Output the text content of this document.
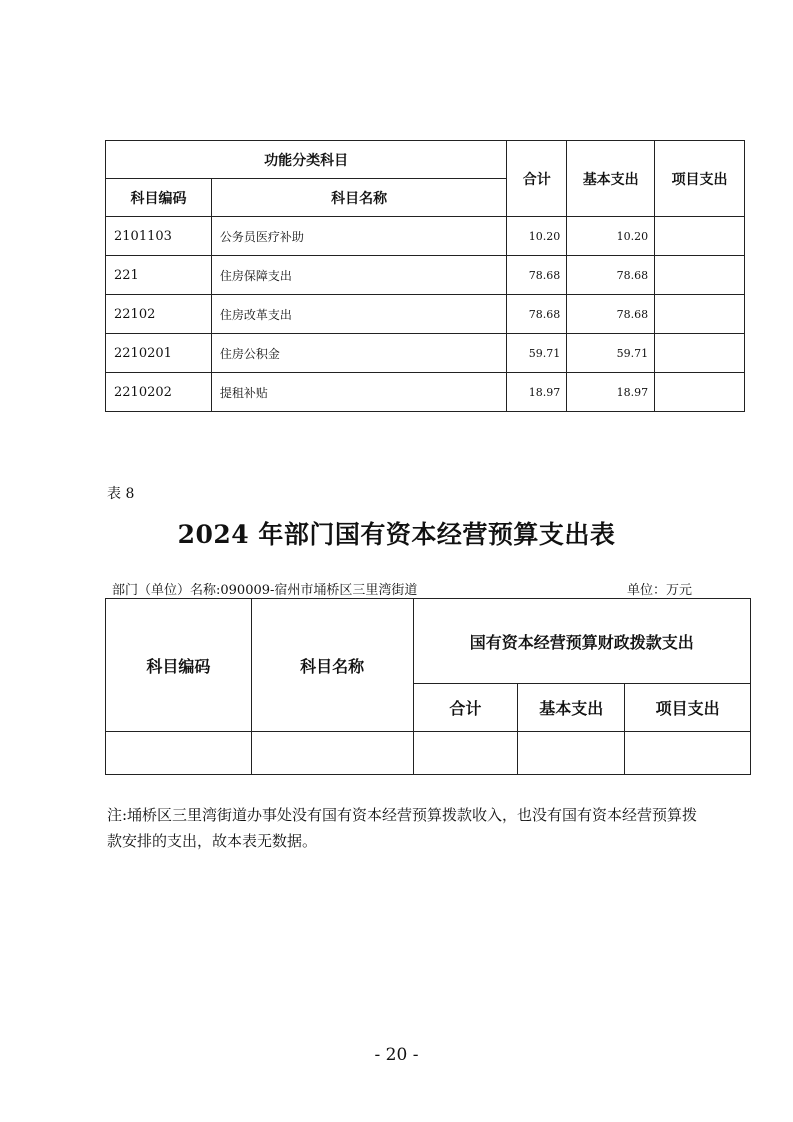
功能分类科目		合计	基本支出	项目支出
科目编码	科目名称			
2101103	公务员医疗补助	10.20	10.20	
221	住房保障支出	78.68	78.68	
22102	住房改革支出	78.68	78.68	
2210201	住房公积金	59.71	59.71	
2210202	提租补贴	18.97	18.97	
表 8
2024 年部门国有资本经营预算支出表
部门（单位）名称:090009-宿州市埇桥区三里湾街道	单位：万元
科目编码	科目名称	国有资本经营预算财政拨款支出		
		合计	基本支出	项目支出

注:埇桥区三里湾街道办事处没有国有资本经营预算拨款收入，也没有国有资本经营预算拨款安排的支出，故本表无数据。
- 20 -
